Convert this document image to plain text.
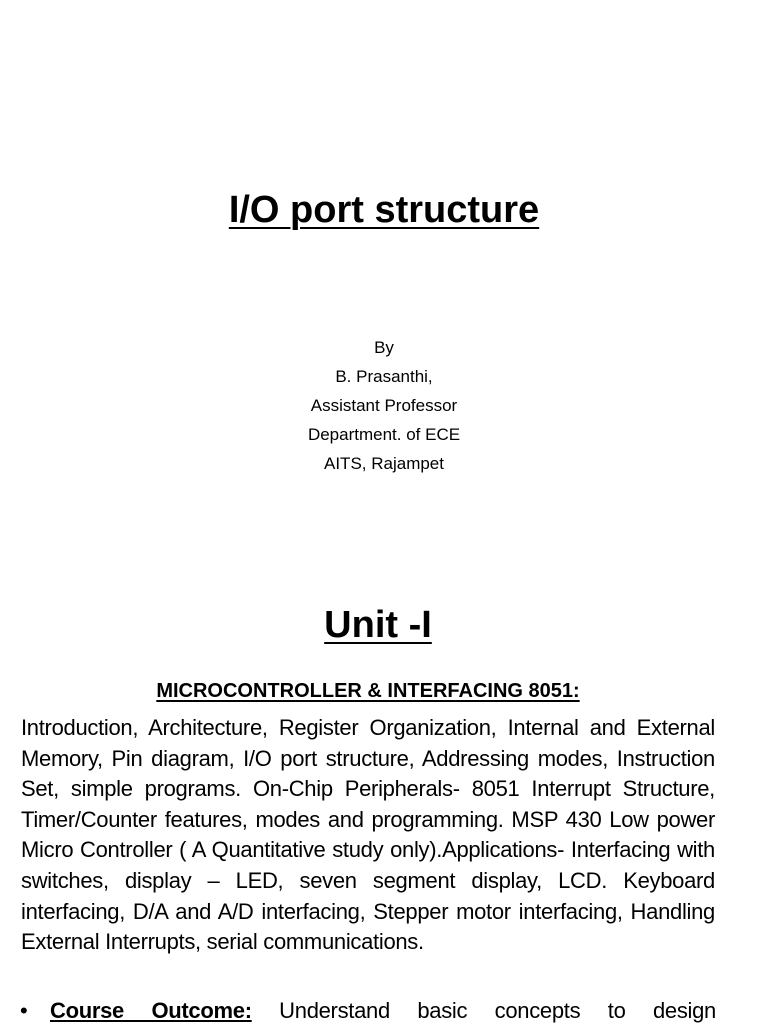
I/O port structure
By
B. Prasanthi,
Assistant Professor
Department. of ECE
AITS, Rajampet
Unit -I
MICROCONTROLLER & INTERFACING 8051:
Introduction, Architecture, Register Organization, Internal and External Memory, Pin diagram, I/O port structure, Addressing modes, Instruction Set, simple programs. On-Chip Peripherals- 8051 Interrupt Structure, Timer/Counter features, modes and programming. MSP 430 Low power Micro Controller ( A Quantitative study only).Applications- Interfacing with switches, display – LED, seven segment display, LCD. Keyboard interfacing, D/A and A/D interfacing, Stepper motor interfacing, Handling External Interrupts, serial communications.
•	Course Outcome: Understand basic concepts to design
